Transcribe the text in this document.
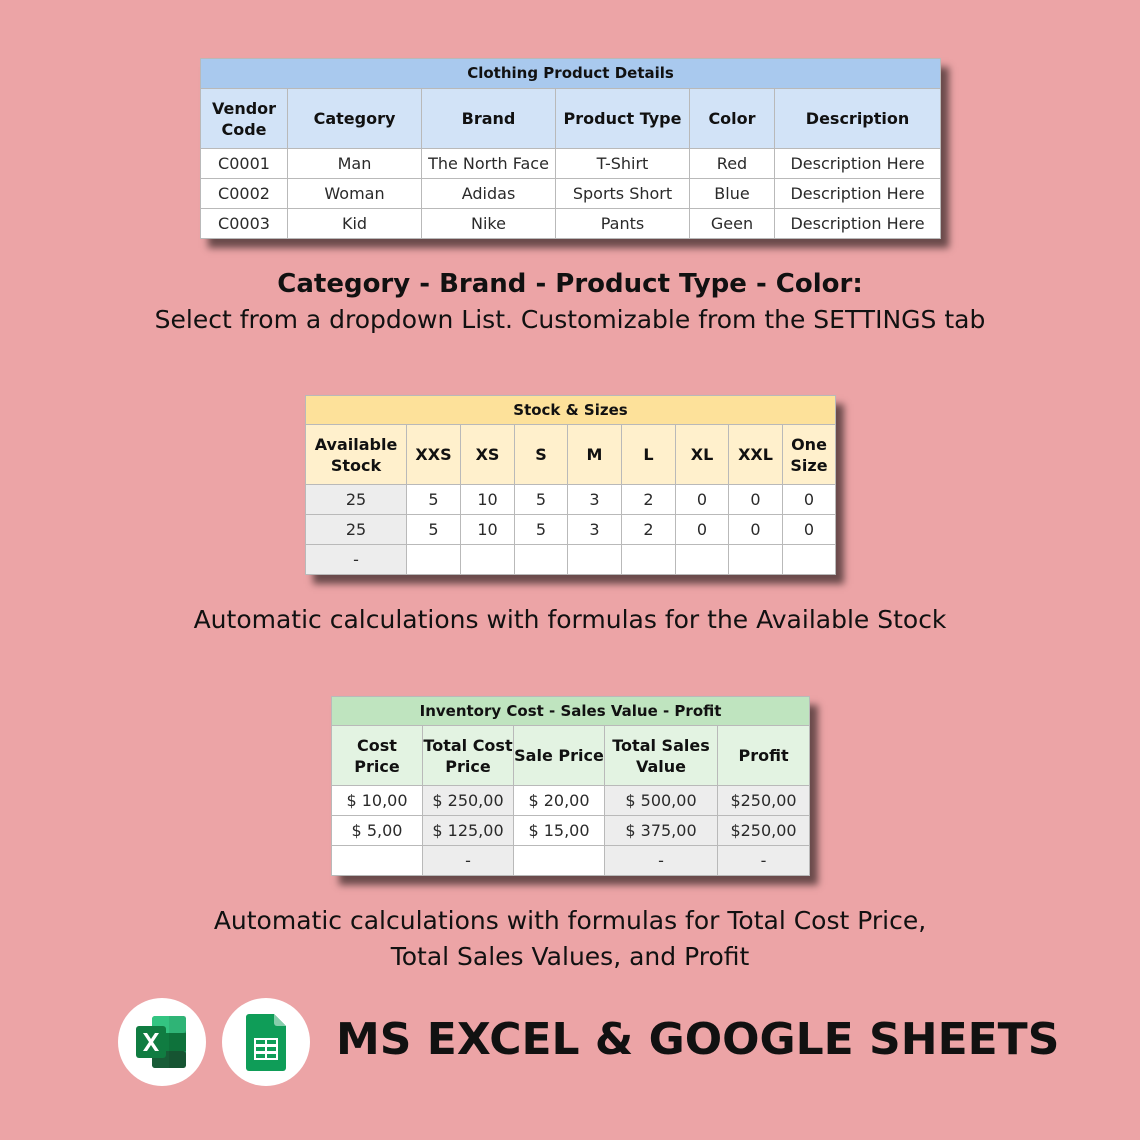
Clothing Product Details					
Vendor Code	Category	Brand	Product Type	Color	Description
C0001	Man	The North Face	T-Shirt	Red	Description Here
C0002	Woman	Adidas	Sports Short	Blue	Description Here
C0003	Kid	Nike	Pants	Geen	Description Here

Category - Brand - Product Type - Color:

Select from a dropdown List. Customizable from the SETTINGS tab

Stock & Sizes								
Available Stock	XXS	XS	S	M	L	XL	XXL	One Size
25	5	10	5	3	2	0	0	0
25	5	10	5	3	2	0	0	0
-								

Automatic calculations with formulas for the Available Stock

Inventory Cost - Sales Value - Profit				
Cost Price	Total Cost Price	Sale Price	Total Sales Value	Profit
$ 10,00	$ 250,00	$ 20,00	$ 500,00	$250,00
$ 5,00	$ 125,00	$ 15,00	$ 375,00	$250,00
	-		-	-

Automatic calculations with formulas for Total Cost Price,

Total Sales Values, and Profit

MS EXCEL & GOOGLE SHEETS
